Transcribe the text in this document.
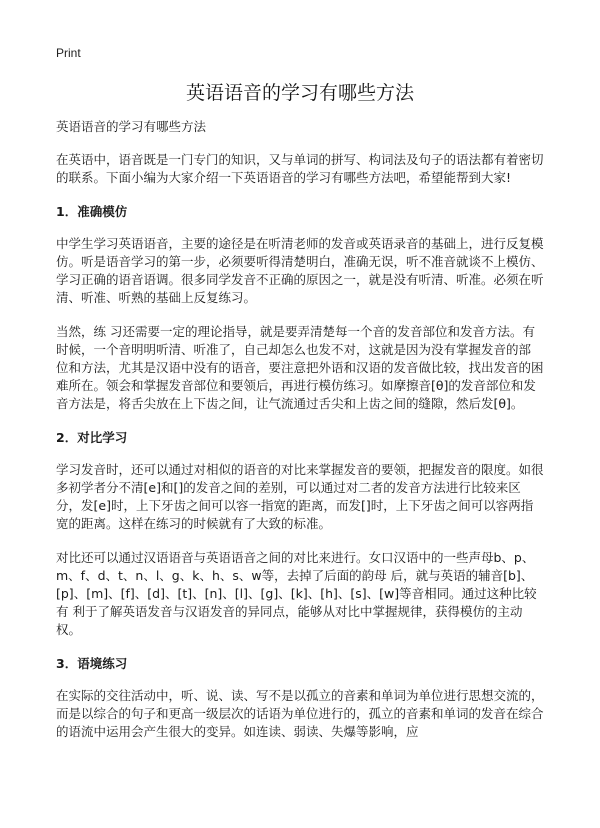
Print
英语语音的学习有哪些方法
英语语音的学习有哪些方法

在英语中，语音既是一门专门的知识，又与单词的拼写、构词法及句子的语法都有着密切的联系。下面小编为大家介绍一下英语语音的学习有哪些方法吧，希望能帮到大家!

1．准确模仿

中学生学习英语语音，主要的途径是在听清老师的发音或英语录音的基础上，进行反复模仿。听是语音学习的第一步，必须要听得清楚明白，准确无误，听不准音就谈不上模仿、学习正确的语音语调。很多同学发音不正确的原因之一，就是没有听清、听准。必须在听清、听准、听熟的基础上反复练习。

当然，练 习还需要一定的理论指导，就是要弄清楚每一个音的发音部位和发音方法。有时候，一个音明明听清、听准了，自己却怎么也发不对，这就是因为没有掌握发音的部 位和方法，尤其是汉语中没有的语音，要注意把外语和汉语的发音做比较，找出发音的困难所在。领会和掌握发音部位和要领后，再进行模仿练习。如摩擦音[θ]的发音部位和发音方法是，将舌尖放在上下齿之间，让气流通过舌尖和上齿之间的缝隙，然后发[θ]。

2．对比学习

学习发音时，还可以通过对相似的语音的对比来掌握发音的要领，把握发音的限度。如很多初学者分不清[e]和[]的发音之间的差别，可以通过对二者的发音方法进行比较来区分，发[e]时，上下牙齿之间可以容一指宽的距离，而发[]时，上下牙齿之间可以容两指宽的距离。这样在练习的时候就有了大致的标准。

对比还可以通过汉语语音与英语语音之间的对比来进行。女口汉语中的一些声母b、p、m、f、d、t、n、l、g、k、h、s、w等，去掉了后面的韵母 后，就与英语的辅音[b]、[p]、[m]、[f]、[d]、[t]、[n]、[l]、[g]、[k]、[h]、[s]、[w]等音相同。通过这种比较有 利于了解英语发音与汉语发音的异同点，能够从对比中掌握规律，获得模仿的主动权。

3．语境练习

在实际的交往活动中，听、说、读、写不是以孤立的音素和单词为单位进行思想交流的，而是以综合的句子和更高一级层次的话语为单位进行的，孤立的音素和单词的发音在综合的语流中运用会产生很大的变异。如连读、弱读、失爆等影响，应
